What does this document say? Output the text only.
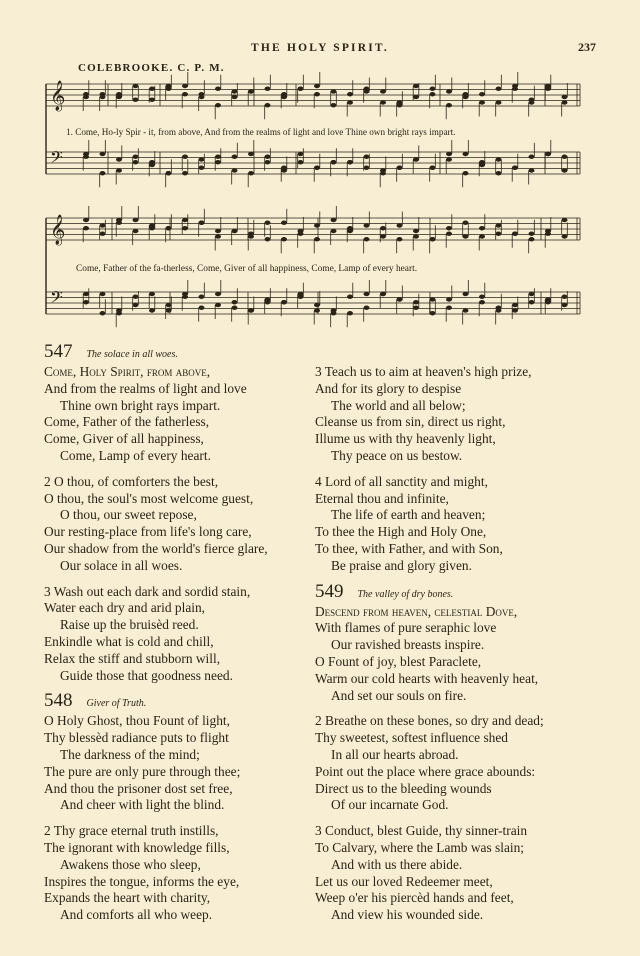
THE HOLY SPIRIT.	237
COLEBROOKE. C. P. M.
𝄞
𝄢
𝄞
𝄢
1. Come, Ho-ly Spir - it, from above, And from the realms of light and love Thine own bright rays impart.
Come, Father of the fa-therless, Come, Giver of all happiness, Come, Lamp of every heart.
547 The solace in all woes.
Come, Holy Spirit, from above,
And from the realms of light and love
Thine own bright rays impart.
Come, Father of the fatherless,
Come, Giver of all happiness,
Come, Lamp of every heart.
2 O thou, of comforters the best,
O thou, the soul's most welcome guest,
O thou, our sweet repose,
Our resting-place from life's long care,
Our shadow from the world's fierce glare,
Our solace in all woes.
3 Wash out each dark and sordid stain,
Water each dry and arid plain,
Raise up the bruisèd reed.
Enkindle what is cold and chill,
Relax the stiff and stubborn will,
Guide those that goodness need.
548 Giver of Truth.
O Holy Ghost, thou Fount of light,
Thy blessèd radiance puts to flight
The darkness of the mind;
The pure are only pure through thee;
And thou the prisoner dost set free,
And cheer with light the blind.
2 Thy grace eternal truth instills,
The ignorant with knowledge fills,
Awakens those who sleep,
Inspires the tongue, informs the eye,
Expands the heart with charity,
And comforts all who weep.
3 Teach us to aim at heaven's high prize,
And for its glory to despise
The world and all below;
Cleanse us from sin, direct us right,
Illume us with thy heavenly light,
Thy peace on us bestow.
4 Lord of all sanctity and might,
Eternal thou and infinite,
The life of earth and heaven;
To thee the High and Holy One,
To thee, with Father, and with Son,
Be praise and glory given.
549 The valley of dry bones.
Descend from heaven, celestial Dove,
With flames of pure seraphic love
Our ravished breasts inspire.
O Fount of joy, blest Paraclete,
Warm our cold hearts with heavenly heat,
And set our souls on fire.
2 Breathe on these bones, so dry and dead;
Thy sweetest, softest influence shed
In all our hearts abroad.
Point out the place where grace abounds:
Direct us to the bleeding wounds
Of our incarnate God.
3 Conduct, blest Guide, thy sinner-train
To Calvary, where the Lamb was slain;
And with us there abide.
Let us our loved Redeemer meet,
Weep o'er his piercèd hands and feet,
And view his wounded side.
